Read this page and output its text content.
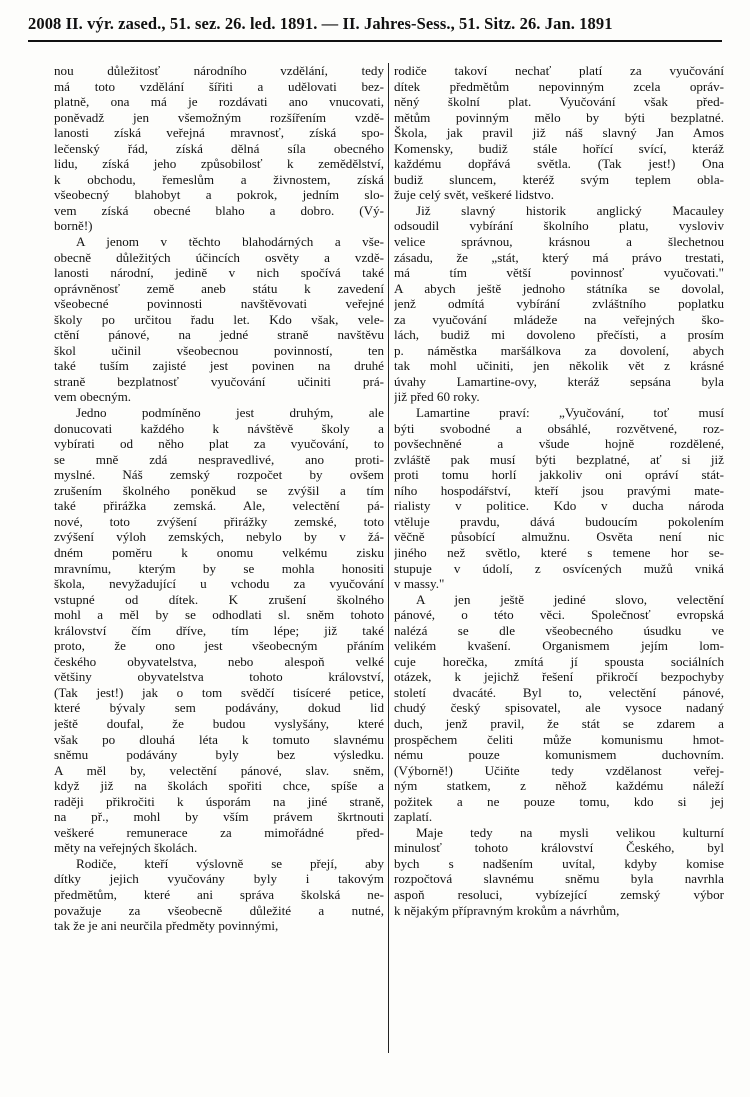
2008 II. výr. zased., 51. sez. 26. led. 1891. — II. Jahres-Sess., 51. Sitz. 26. Jan. 1891
nou důležitosť národního vzdělání, tedy
má toto vzdělání šířiti a udělovati bez-
platně, ona má je rozdávati ano vnucovati,
poněvadž jen všemožným rozšířením vzdě-
lanosti získá veřejná mravnosť, získá spo-
lečenský řád, získá dělná síla obecného
lidu, získá jeho způsobilosť k zemědělství,
k obchodu, řemeslům a živnostem, získá
všeobecný blahobyt a pokrok, jedním slo-
vem získá obecné blaho a dobro. (Vý-
borně!)
A jenom v těchto blahodárných a vše-
obecně důležitých účincích osvěty a vzdě-
lanosti národní, jedině v nich spočívá také
oprávněnosť země aneb státu k zavedení
všeobecné povinnosti navštěvovati veřejné
školy po určitou řadu let. Kdo však, vele-
ctění pánové, na jedné straně navštěvu
škol učinil všeobecnou povinností, ten
také tuším zajisté jest povinen na druhé
straně bezplatnosť vyučování učiniti prá-
vem obecným.
Jedno podmíněno jest druhým, ale
donucovati každého k návštěvě školy a
vybírati od něho plat za vyučování, to
se mně zdá nespravedlivé, ano proti-
myslné. Náš zemský rozpočet by ovšem
zrušením školného poněkud se zvýšil a tím
také přirážka zemská. Ale, velectění pá-
nové, toto zvýšení přirážky zemské, toto
zvýšení výloh zemských, nebylo by v žá-
dném poměru k onomu velkému zisku
mravnímu, kterým by se mohla honositi
škola, nevyžadující u vchodu za vyučování
vstupné od dítek. K zrušení školného
mohl a měl by se odhodlati sl. sněm tohoto
království čím dříve, tím lépe; již také
proto, že ono jest všeobecným přáním
českého obyvatelstva, nebo alespoň velké
většiny obyvatelstva tohoto království,
(Tak jest!) jak o tom svědčí tisíceré petice,
které bývaly sem podávány, dokud lid
ještě doufal, že budou vyslyšány, které
však po dlouhá léta k tomuto slavnému
sněmu podávány byly bez výsledku.
A měl by, velectění pánové, slav. sněm,
když již na školách spořiti chce, spíše a
raději přikročiti k úsporám na jiné straně,
na př., mohl by vším právem škrtnouti
veškeré remunerace za mimořádné před-
měty na veřejných školách.
Rodiče, kteří výslovně se přejí, aby
dítky jejich vyučovány byly i takovým
předmětům, které ani správa školská ne-
považuje za všeobecně důležité a nutné,
tak že je ani neurčila předměty povinnými,
rodiče takoví nechať platí za vyučování
dítek předmětům nepovinným zcela opráv-
něný školní plat. Vyučování však před-
mětům povinným mělo by býti bezplatné.
Škola, jak pravil již náš slavný Jan Amos
Komensky, budiž stále hořící svící, kteráž
každému dopřává světla. (Tak jest!) Ona
budiž sluncem, kteréž svým teplem obla-
žuje celý svět, veškeré lidstvo.
Již slavný historik anglický Macauley
odsoudil vybírání školního platu, vysloviv
velice správnou, krásnou a šlechetnou
zásadu, že „stát, který má právo trestati,
má tím větší povinnosť vyučovati."
A abych ještě jednoho státníka se dovolal,
jenž odmítá vybírání zvláštního poplatku
za vyučování mládeže na veřejných ško-
lách, budiž mi dovoleno přečísti, a prosím
p. náměstka maršálkova za dovolení, abych
tak mohl učiniti, jen několik vět z krásné
úvahy Lamartine-ovy, kteráž sepsána byla
již před 60 roky.
Lamartine praví: „Vyučování, toť musí
býti svobodné a obsáhlé, rozvětvené, roz-
povšechněné a všude hojně rozdělené,
zvláště pak musí býti bezplatné, ať si již
proti tomu horlí jakkoliv oni opráví stát-
ního hospodářství, kteří jsou pravými mate-
rialisty v politice. Kdo v ducha národa
vtěluje pravdu, dává budoucím pokolením
věčně působící almužnu. Osvěta není nic
jiného než světlo, které s temene hor se-
stupuje v údolí, z osvícených mužů vniká
v massy."
A jen ještě jediné slovo, velectění
pánové, o této věci. Společnosť evropská
nalézá se dle všeobecného úsudku ve
velikém kvašení. Organismem jejím lom-
cuje horečka, zmítá jí spousta sociálních
otázek, k jejichž řešení přikročí bezpochyby
století dvacáté. Byl to, velectění pánové,
chudý český spisovatel, ale vysoce nadaný
duch, jenž pravil, že stát se zdarem a
prospěchem čeliti může komunismu hmot-
nému pouze komunismem duchovním.
(Výborně!) Učiňte tedy vzdělanost veřej-
ným statkem, z něhož každému náleží
požitek a ne pouze tomu, kdo si jej
zaplatí.
Maje tedy na mysli velikou kulturní
minulosť tohoto království Českého, byl
bych s nadšením uvítal, kdyby komise
rozpočtová slavnému sněmu byla navrhla
aspoň resoluci, vybízející zemský výbor
k nějakým přípravným krokům a návrhům,
